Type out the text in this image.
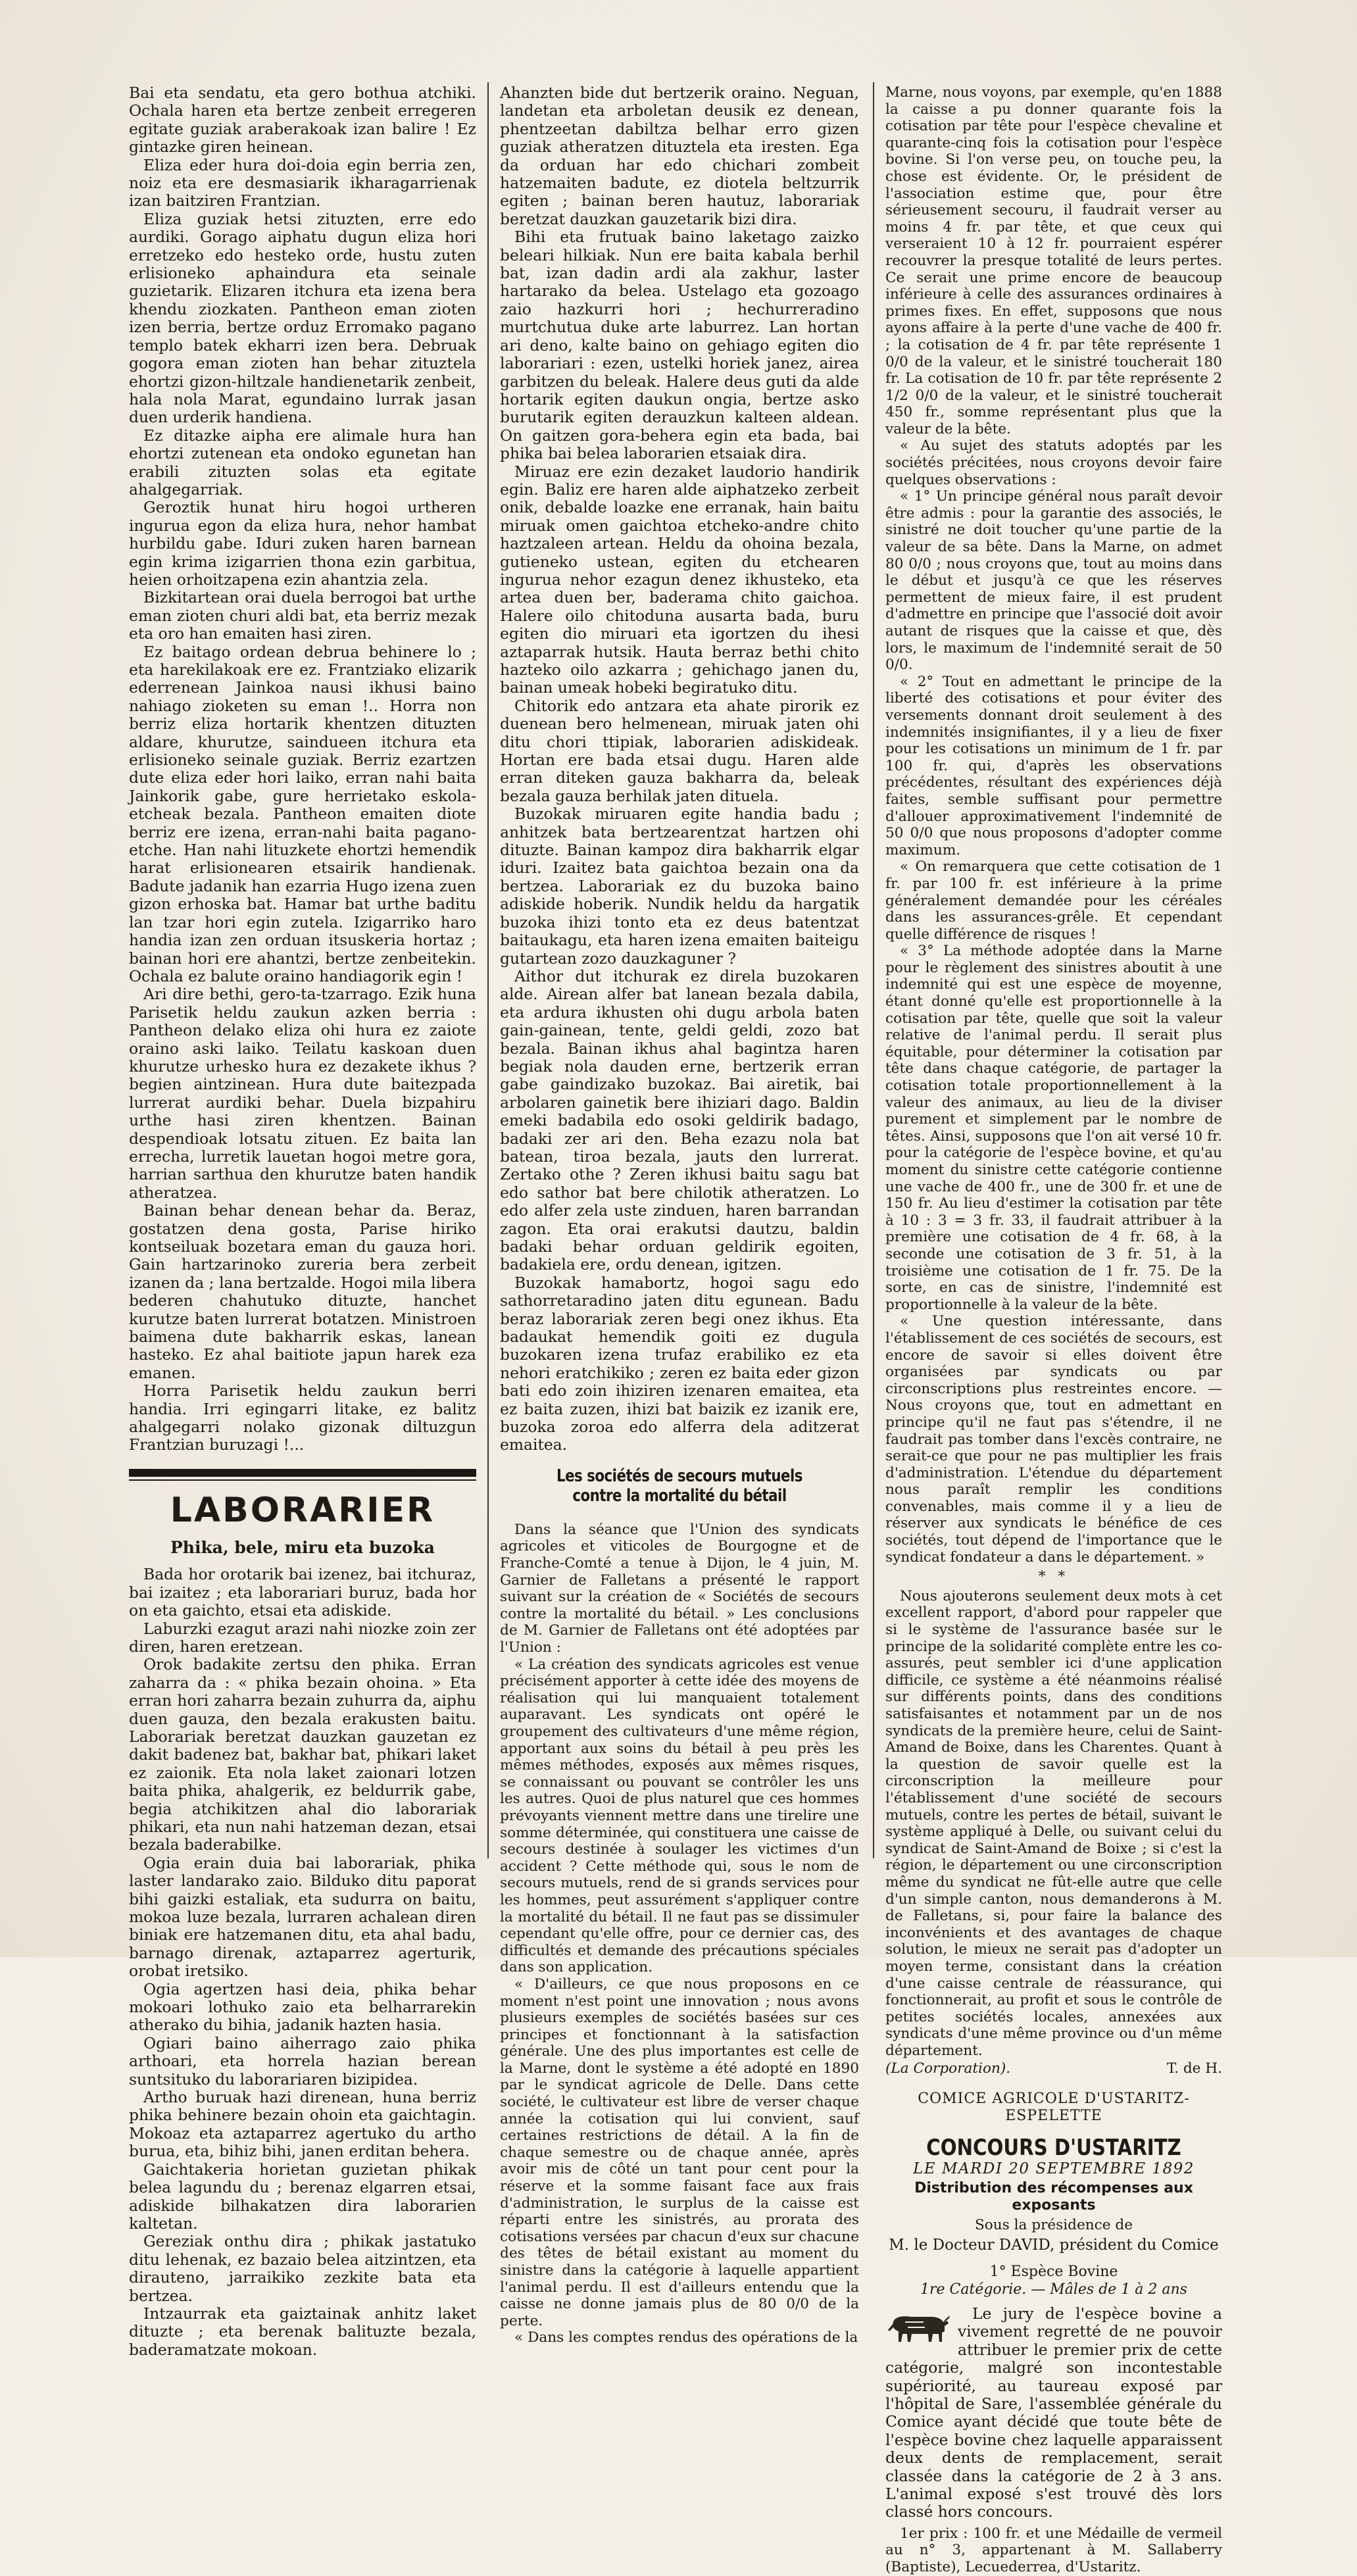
Bai eta sendatu, eta gero bothua atchiki. Ochala haren eta bertze zenbeit erregeren egitate guziak araberakoak izan balire ! Ez gintazke giren heinean.

Eliza eder hura doi-doia egin berria zen, noiz eta ere desmasiarik ikharagarrienak izan baitziren Frantzian.

Eliza guziak hetsi zituzten, erre edo aurdiki. Gorago aiphatu dugun eliza hori erretzeko edo hesteko orde, hustu zuten erlisioneko aphaindura eta seinale guzietarik. Elizaren itchura eta izena bera khendu ziozkaten. Pantheon eman zioten izen berria, bertze orduz Erromako pagano templo batek ekharri izen bera. Debruak gogora eman zioten han behar zituztela ehortzi gizon-hiltzale handienetarik zenbeit, hala nola Marat, egundaino lurrak jasan duen urderik handiena.

Ez ditazke aipha ere alimale hura han ehortzi zutenean eta ondoko egunetan han erabili zituzten solas eta egitate ahalgegarriak.

Geroztik hunat hiru hogoi urtheren ingurua egon da eliza hura, nehor hambat hurbildu gabe. Iduri zuken haren barnean egin krima izigarrien thona ezin garbitua, heien orhoitzapena ezin ahantzia zela.

Bizkitartean orai duela berrogoi bat urthe eman zioten churi aldi bat, eta berriz mezak eta oro han emaiten hasi ziren.

Ez baitago ordean debrua behinere lo ; eta harekilakoak ere ez. Frantziako elizarik ederrenean Jainkoa nausi ikhusi baino nahiago zioketen su eman !.. Horra non berriz eliza hortarik khentzen dituzten aldare, khurutze, saindueen itchura eta erlisioneko seinale guziak. Berriz ezartzen dute eliza eder hori laiko, erran nahi baita Jainkorik gabe, gure herrietako eskola-etcheak bezala. Pantheon emaiten diote berriz ere izena, erran-nahi baita pagano-etche. Han nahi lituzkete ehortzi hemendik harat erlisionearen etsairik handienak. Badute jadanik han ezarria Hugo izena zuen gizon erhoska bat. Hamar bat urthe baditu lan tzar hori egin zutela. Izigarriko haro handia izan zen orduan itsuskeria hortaz ; bainan hori ere ahantzi, bertze zenbeitekin. Ochala ez balute oraino handiagorik egin !

Ari dire bethi, gero-ta-tzarrago. Ezik huna Parisetik heldu zaukun azken berria : Pantheon delako eliza ohi hura ez zaiote oraino aski laiko. Teilatu kaskoan duen khurutze urhesko hura ez dezakete ikhus ?begien aintzinean. Hura dute baitezpada lurrerat aurdiki behar. Duela bizpahiru urthe hasi ziren khentzen. Bainan despendioak lotsatu zituen. Ez baita lan errecha, lurretik lauetan hogoi metre gora, harrian sarthua den khurutze baten handik atheratzea.

Bainan behar denean behar da. Beraz, gostatzen dena gosta, Parise hiriko kontseiluak bozetara eman du gauza hori. Gain hartzarinoko zureria bera zerbeit izanen da ; lana bertzalde. Hogoi mila libera bederen chahutuko dituzte, hanchet kurutze baten lurrerat botatzen. Ministroen baimena dute bakharrik eskas, lanean hasteko. Ez ahal baitiote japun harek eza emanen.

Horra Parisetik heldu zaukun berri handia. Irri egingarri litake, ez balitz ahalgegarri nolako gizonak diltuzgun Frantzian buruzagi !...

LABORARIER
Phika, bele, miru eta buzoka

Bada hor orotarik bai izenez, bai itchuraz, bai izaitez ; eta laborariari buruz, bada hor on eta gaichto, etsai eta adiskide.

Laburzki ezagut arazi nahi niozke zoin zer diren, haren eretzean.

Orok badakite zertsu den phika. Erran zaharra da : « phika bezain ohoina. » Eta erran hori zaharra bezain zuhurra da, aiphu duen gauza, den bezala erakusten baitu. Laborariak beretzat dauzkan gauzetan ez dakit badenez bat, bakhar bat, phikari laket ez zaionik. Eta nola laket zaionari lotzen baita phika, ahalgerik, ez beldurrik gabe, begia atchikitzen ahal dio laborariak phikari, eta nun nahi hatzeman dezan, etsai bezala baderabilke.

Ogia erain duia bai laborariak, phika laster landarako zaio. Bilduko ditu paporat bihi gaizki estaliak, eta sudurra on baitu, mokoa luze bezala, lurraren achalean diren biniak ere hatzemanen ditu, eta ahal badu, barnago direnak, aztaparrez agerturik, orobat iretsiko.

Ogia agertzen hasi deia, phika behar mokoari lothuko zaio eta belharrarekin atherako du bihia, jadanik hazten hasia.

Ogiari baino aiherrago zaio phika arthoari, eta horrela hazian berean suntsituko du laborariaren bizipidea.

Artho buruak hazi direnean, huna berriz phika behinere bezain ohoin eta gaichtagin. Mokoaz eta aztaparrez agertuko du artho buruа, eta, bihiz bihi, janen erditan behera.

Gaichtakeria horietan guzietan phikak belea lagundu du ; berenaz elgarren etsai, adiskide bilhakatzen dira laborarien kaltetan.

Gereziak onthu dira ; phikak jastatuko ditu lehenak, ez bazaio belea aitzintzen, eta dirautenо, jarraikiko zezkite bata eta bertzea.

Intzaurrak eta gaiztainak anhitz laket dituzte ; eta berenak balituzte bezala, baderamatzate mokoan.

Ahanzten bide dut bertzerik oraino. Neguan, landetan eta arboletan deusik ez denean, phentzeetan dabiltza belhar erro gizen guziak atheratzen dituztela eta iresten. Ega da orduan har edo chichari zombeit hatzemaiten badute, ez diotela beltzurrik egiten ; bainan beren hautuz, laborariak beretzat dauzkan gauzetarik bizi dira.

Bihi eta frutuak baino laketago zaizko beleari hilkiak. Nun ere baita kabala berhil bat, izan dadin ardi ala zakhur, laster hartarako da belea. Ustelago eta gozoago zaio hazkurri hori ; hechurreradino murtchutua duke arte laburrez. Lan hortan ari deno, kalte baino on gehiago egiten dio laborariari : ezen, ustelki horiek janez, airea garbitzen du beleak. Halere deus guti da alde hortarik egiten daukun ongia, bertze asko burutarik egiten derauzkun kalteen aldean. On gaitzen gora-behera egin eta bada, bai phika bai belea laborarien etsaiak dira.

Miruaz ere ezin dezaket laudorio handirik egin. Baliz ere haren alde aiphatzeko zerbeit onik, debalde loazke ene erranak, hain baitu miruak omen gaichtoa etcheko-andre chito haztzaleen artean. Heldu da ohoina bezala, gutieneko ustean, egiten du etchearen ingurua nehor ezagun denez ikhusteko, eta artea duen ber, baderama chito gaichoa. Halere oilo chitoduna ausarta bada, buru egiten dio miruari eta igortzen du ihesi aztaparrak hutsik. Hauta berraz bethi chito hazteko oilo azkarra ; gehichago janen du, bainan umeak hobeki begiratuko ditu.

Chitorik edo antzara eta ahate pirorik ez duenean bero helmenean, miruak jaten ohi ditu chori ttipiak, laborarien adiskideak. Hortan ere bada etsai dugu. Haren alde erran diteken gauza bakharra da, beleak bezala gauza berhilak jaten dituela.

Buzokak miruaren egite handia badu ; anhitzek bata bertzearentzat hartzen ohi dituzte. Bainan kampoz dira bakharrik elgar iduri. Izaitez bata gaichtoa bezain ona da bertzea. Laborariak ez du buzoka baino adiskide hoberik. Nundik heldu da hargatik buzoka ihizi tonto eta ez deus batentzat baitaukagu, eta haren izena emaiten baiteigu gutartean zozo dauzkaguner ?

Aithor dut itchurak ez direla buzokaren alde. Airean alfer bat lanean bezala dabila, eta ardura ikhusten ohi dugu arbola baten gain-gainean, tente, geldi geldi, zozo bat bezala. Bainan ikhus ahal bagintza haren begiak nola dauden erne, bertzerik erran gabe gaindizako buzokaz. Bai airetik, bai arbolaren gainetik bere ihiziari dago. Baldin emeki badabila edo osoki geldirik badago, badaki zer ari den. Beha ezazu nola bat batean, tiroa bezala, jauts den lurrerat. Zertako othe ? Zeren ikhusi baitu sagu bat edo sathor bat bere chilotik atheratzen. Lo edo alfer zela uste zinduen, haren barrandan zagon. Eta orai erakutsi dautzu, baldin badaki behar orduan geldirik egoiten, badakiela ere, ordu denean, igitzen.

Buzokak hamabortz, hogoi sagu edo sathorretaradino jaten ditu egunean. Badu beraz laborariak zeren begi onez ikhus. Eta badaukat hemendik goiti ez dugula buzokaren izena trufaz erabiliko ez eta nehori eratchikiko ; zeren ez baita eder gizon bati edo zoin ihiziren izenaren emaitea, eta ez baita zuzen, ihizi bat baizik ez izanik ere, buzoka zoroa edo alferra dela aditzerat emaitea.

Les sociétés de secours mutuels contre la mortalité du bétail

Dans la séance que l'Union des syndicats agricoles et viticoles de Bourgogne et de Franche-Comté a tenue à Dijon, le 4 juin, M. Garnier de Falletans a présenté le rapport suivant sur la création de « Sociétés de secours contre la mortalité du bétail. » Les conclusions de M. Garnier de Falletans ont été adoptées par l'Union :

« La création des syndicats agricoles est venue précisément apporter à cette idée des moyens de réalisation qui lui manquaient totalement auparavant. Les syndicats ont opéré le groupement des cultivateurs d'une même région, apportant aux soins du bétail à peu près les mêmes méthodes, exposés aux mêmes risques, se connaissant ou pouvant se contrôler les uns les autres. Quoi de plus naturel que ces hommes prévoyants viennent mettre dans une tirelire une somme déterminée, qui constituera une caisse de secours destinée à soulager les victimes d'un accident ? Cette méthode qui, sous le nom de secours mutuels, rend de si grands services pour les hommes, peut assurément s'appliquer contre la mortalité du bétail. Il ne faut pas se dissimuler cependant qu'elle offre, pour ce dernier cas, des difficultés et demande des précautions spéciales dans son application.

« D'ailleurs, ce que nous proposons en ce moment n'est point une innovation ; nous avons plusieurs exemples de sociétés basées sur ces principes et fonctionnant à la satisfaction générale. Une des plus importantes est celle de la Marne, dont le système a été adopté en 1890 par le syndicat agricole de Delle. Dans cette société, le cultivateur est libre de verser chaque année la cotisation qui lui convient, sauf certaines restrictions de détail. A la fin de chaque semestre ou de chaque année, après avoir mis de côté un tant pour cent pour la réserve et la somme faisant face aux frais d'administration, le surplus de la caisse est réparti entre les sinistrés, au prorata des cotisations versées par chacun d'eux sur chacune des têtes de bétail existant au moment du sinistre dans la catégorie à laquelle appartient l'animal perdu. Il est d'ailleurs entendu que la caisse ne donne jamais plus de 80 0/0 de la perte.

« Dans les comptes rendus des opérations de la

Marne, nous voyons, par exemple, qu'en 1888 la caisse a pu donner quarante fois la cotisation par tête pour l'espèce chevaline et quarante-cinq fois la cotisation pour l'espèce bovine. Si l'on verse peu, on touche peu, la chose est évidente. Or, le président de l'association estime que, pour être sérieusement secouru, il faudrait verser au moins 4 fr. par tête, et que ceux qui verseraient 10 à 12 fr. pourraient espérer recouvrer la presque totalité de leurs pertes. Ce serait une prime encore de beaucoup inférieure à celle des assurances ordinaires à primes fixes. En effet, supposons que nous ayons affaire à la perte d'une vache de 400 fr. ; la cotisation de 4 fr. par tête représente 1 0/0 de la valeur, et le sinistré toucherait 180 fr. La cotisation de 10 fr. par tête représente 2 1/2 0/0 de la valeur, et le sinistré toucherait 450 fr., somme représentant plus que la valeur de la bête.

« Au sujet des statuts adoptés par les sociétés précitées, nous croyons devoir faire quelques observations :

« 1° Un principe général nous paraît devoir être admis : pour la garantie des associés, le sinistré ne doit toucher qu'une partie de la valeur de sa bête. Dans la Marne, on admet 80 0/0 ; nous croyons que, tout au moins dans le début et jusqu'à ce que les réserves permettent de mieux faire, il est prudent d'admettre en principe que l'associé doit avoir autant de risques que la caisse et que, dès lors, le maximum de l'indemnité serait de 50 0/0.

« 2° Tout en admettant le principe de la liberté des cotisations et pour éviter des versements donnant droit seulement à des indemnités insignifiantes, il y a lieu de fixer pour les cotisations un minimum de 1 fr. par 100 fr. qui, d'après les observations précédentes, résultant des expériences déjà faites, semble suffisant pour permettre d'allouer approximativement l'indemnité de 50 0/0 que nous proposons d'adopter comme maximum.

« On remarquera que cette cotisation de 1 fr. par 100 fr. est inférieure à la prime généralement demandée pour les céréales dans les assurances-grêle. Et cependant quelle différence de risques !

« 3° La méthode adoptée dans la Marne pour le règlement des sinistres aboutit à une indemnité qui est une espèce de moyenne, étant donné qu'elle est proportionnelle à la cotisation par tête, quelle que soit la valeur relative de l'animal perdu. Il serait plus équitable, pour déterminer la cotisation par tête dans chaque catégorie, de partager la cotisation totale proportionnellement à la valeur des animaux, au lieu de la diviser purement et simplement par le nombre de têtes. Ainsi, supposons que l'on ait versé 10 fr. pour la catégorie de l'espèce bovine, et qu'au moment du sinistre cette catégorie contienne une vache de 400 fr., une de 300 fr. et une de 150 fr. Au lieu d'estimer la cotisation par tête à 10 : 3 = 3 fr. 33, il faudrait attribuer à la première une cotisation de 4 fr. 68, à la seconde une cotisation de 3 fr. 51, à la troisième une cotisation de 1 fr. 75. De la sorte, en cas de sinistre, l'indemnité est proportionnelle à la valeur de la bête.

« Une question intéressante, dans l'établissement de ces sociétés de secours, est encore de savoir si elles doivent être organisées par syndicats ou par circonscriptions plus restreintes encore. — Nous croyons que, tout en admettant en principe qu'il ne faut pas s'étendre, il ne faudrait pas tomber dans l'excès contraire, ne serait-ce que pour ne pas multiplier les frais d'administration. L'étendue du département nous paraît remplir les conditions convenables, mais comme il y a lieu de réserver aux syndicats le bénéfice de ces sociétés, tout dépend de l'importance que le syndicat fondateur a dans le département. »

* *

Nous ajouterons seulement deux mots à cet excellent rapport, d'abord pour rappeler que si le système de l'assurance basée sur le principe de la solidarité complète entre les co-assurés, peut sembler ici d'une application difficile, ce système a été néanmoins réalisé sur différents points, dans des conditions satisfaisantes et notamment par un de nos syndicats de la première heure, celui de Saint-Amand de Boixe, dans les Charentes. Quant à la question de savoir quelle est la circonscription la meilleure pour l'établissement d'une société de secours mutuels, contre les pertes de bétail, suivant le système appliqué à Delle, ou suivant celui du syndicat de Saint-Amand de Boixe ; si c'est la région, le département ou une circonscription même du syndicat ne fût-elle autre que celle d'un simple canton, nous demanderons à M. de Falletans, si, pour faire la balance des inconvénients et des avantages de chaque solution, le mieux ne serait pas d'adopter un moyen terme, consistant dans la création d'une caisse centrale de réassurance, qui fonctionnerait, au profit et sous le contrôle de petites sociétés locales, annexées aux syndicats d'une même province ou d'un même département.

(La Corporation).	T. de H.
COMICE AGRICOLE D'USTARITZ-ESPELETTE
CONCOURS D'USTARITZ
LE MARDI 20 SEPTEMBRE 1892
Distribution des récompenses aux exposants
Sous la présidence de
M. le Docteur DAVID, président du Comice
1° Espèce Bovine
1re Catégorie. — Mâles de 1 à 2 ans

Le jury de l'espèce bovine a vivement regretté de ne pouvoir attribuer le premier prix de cette catégorie, malgré son incontestable supériorité, au taureau exposé par l'hôpital de Sare, l'assemblée générale du Comice ayant décidé que toute bête de l'espèce bovine chez laquelle apparaissent deux dents de remplacement, serait classée dans la catégorie de 2 à 3 ans. L'animal exposé s'est trouvé dès lors classé hors concours.

1er prix : 100 fr. et une Médaille de vermeil au n° 3, appartenant à M. Sallaberry (Baptiste), Lecuederrea, d'Ustaritz.
